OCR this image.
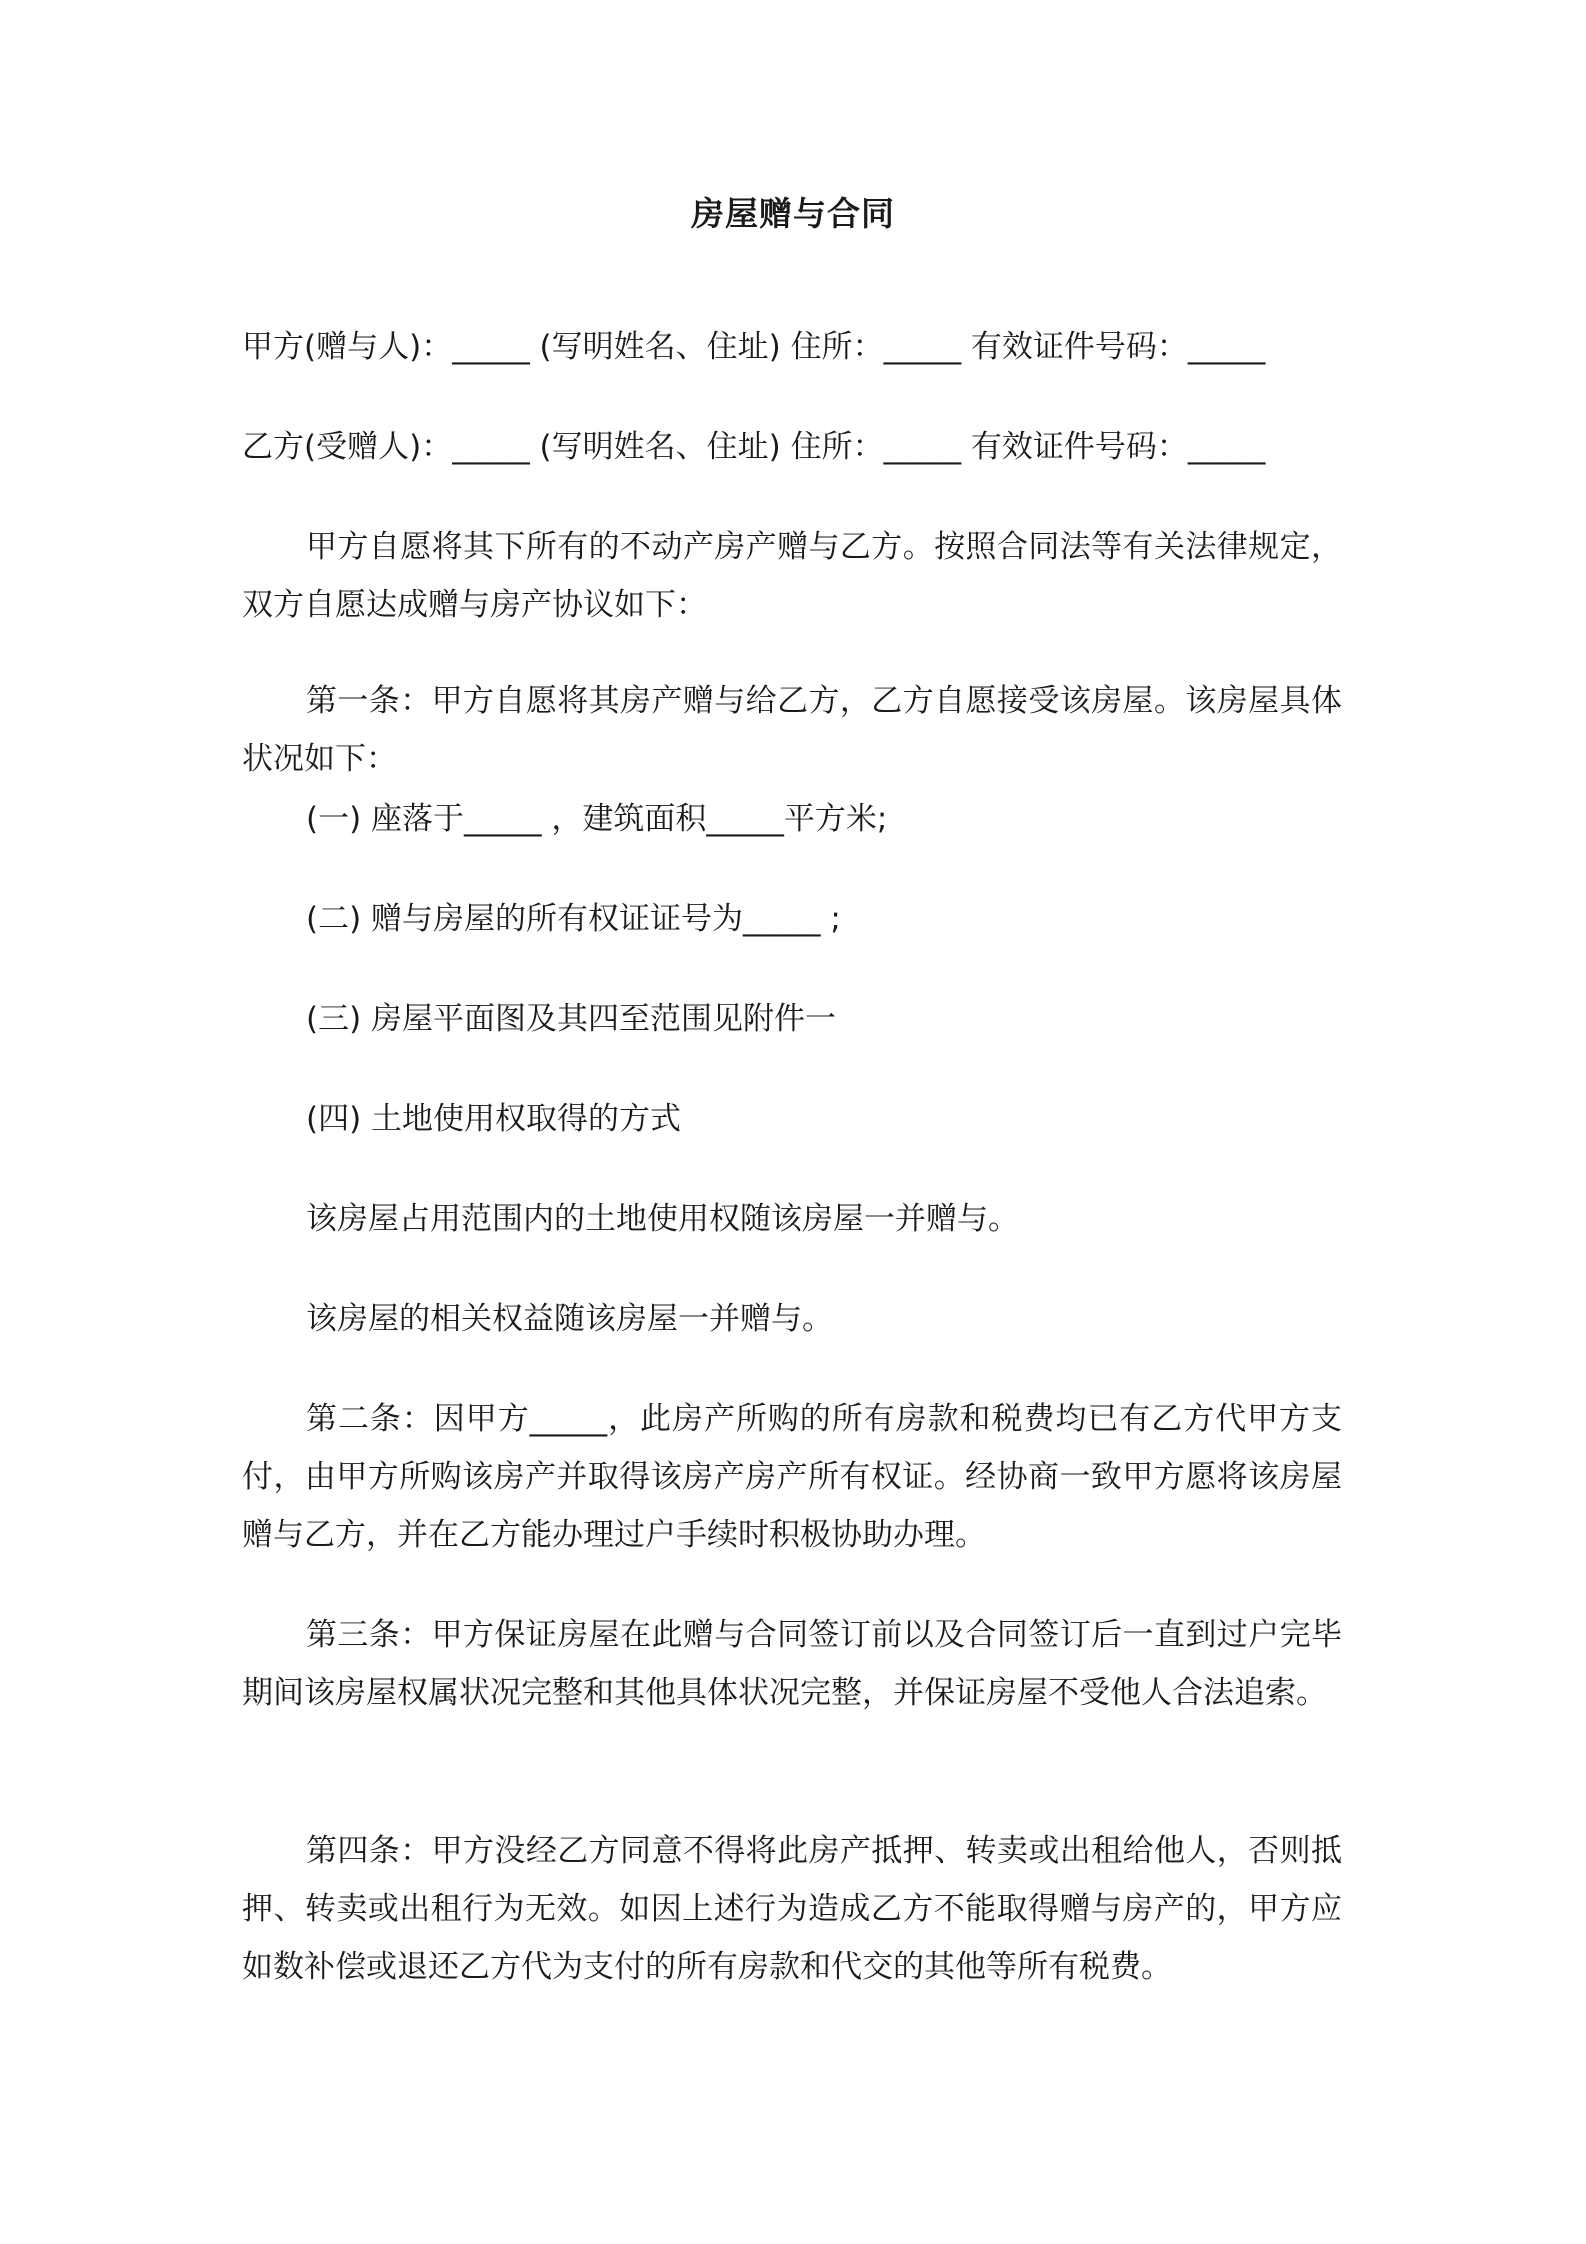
房屋赠与合同
甲方(赠与人)：_____ (写明姓名、住址) 住所：_____ 有效证件号码：_____
乙方(受赠人)：_____ (写明姓名、住址) 住所：_____ 有效证件号码：_____
甲方自愿将其下所有的不动产房产赠与乙方。按照合同法等有关法律规定，双方自愿达成赠与房产协议如下：
第一条：甲方自愿将其房产赠与给乙方，乙方自愿接受该房屋。该房屋具体状况如下：
(一) 座落于_____ ，建筑面积_____平方米;
(二) 赠与房屋的所有权证证号为_____ ;
(三) 房屋平面图及其四至范围见附件一
(四) 土地使用权取得的方式
该房屋占用范围内的土地使用权随该房屋一并赠与。
该房屋的相关权益随该房屋一并赠与。
第二条：因甲方_____，此房产所购的所有房款和税费均已有乙方代甲方支付，由甲方所购该房产并取得该房产房产所有权证。经协商一致甲方愿将该房屋赠与乙方，并在乙方能办理过户手续时积极协助办理。
第三条：甲方保证房屋在此赠与合同签订前以及合同签订后一直到过户完毕期间该房屋权属状况完整和其他具体状况完整，并保证房屋不受他人合法追索。
第四条：甲方没经乙方同意不得将此房产抵押、转卖或出租给他人，否则抵押、转卖或出租行为无效。如因上述行为造成乙方不能取得赠与房产的，甲方应如数补偿或退还乙方代为支付的所有房款和代交的其他等所有税费。
